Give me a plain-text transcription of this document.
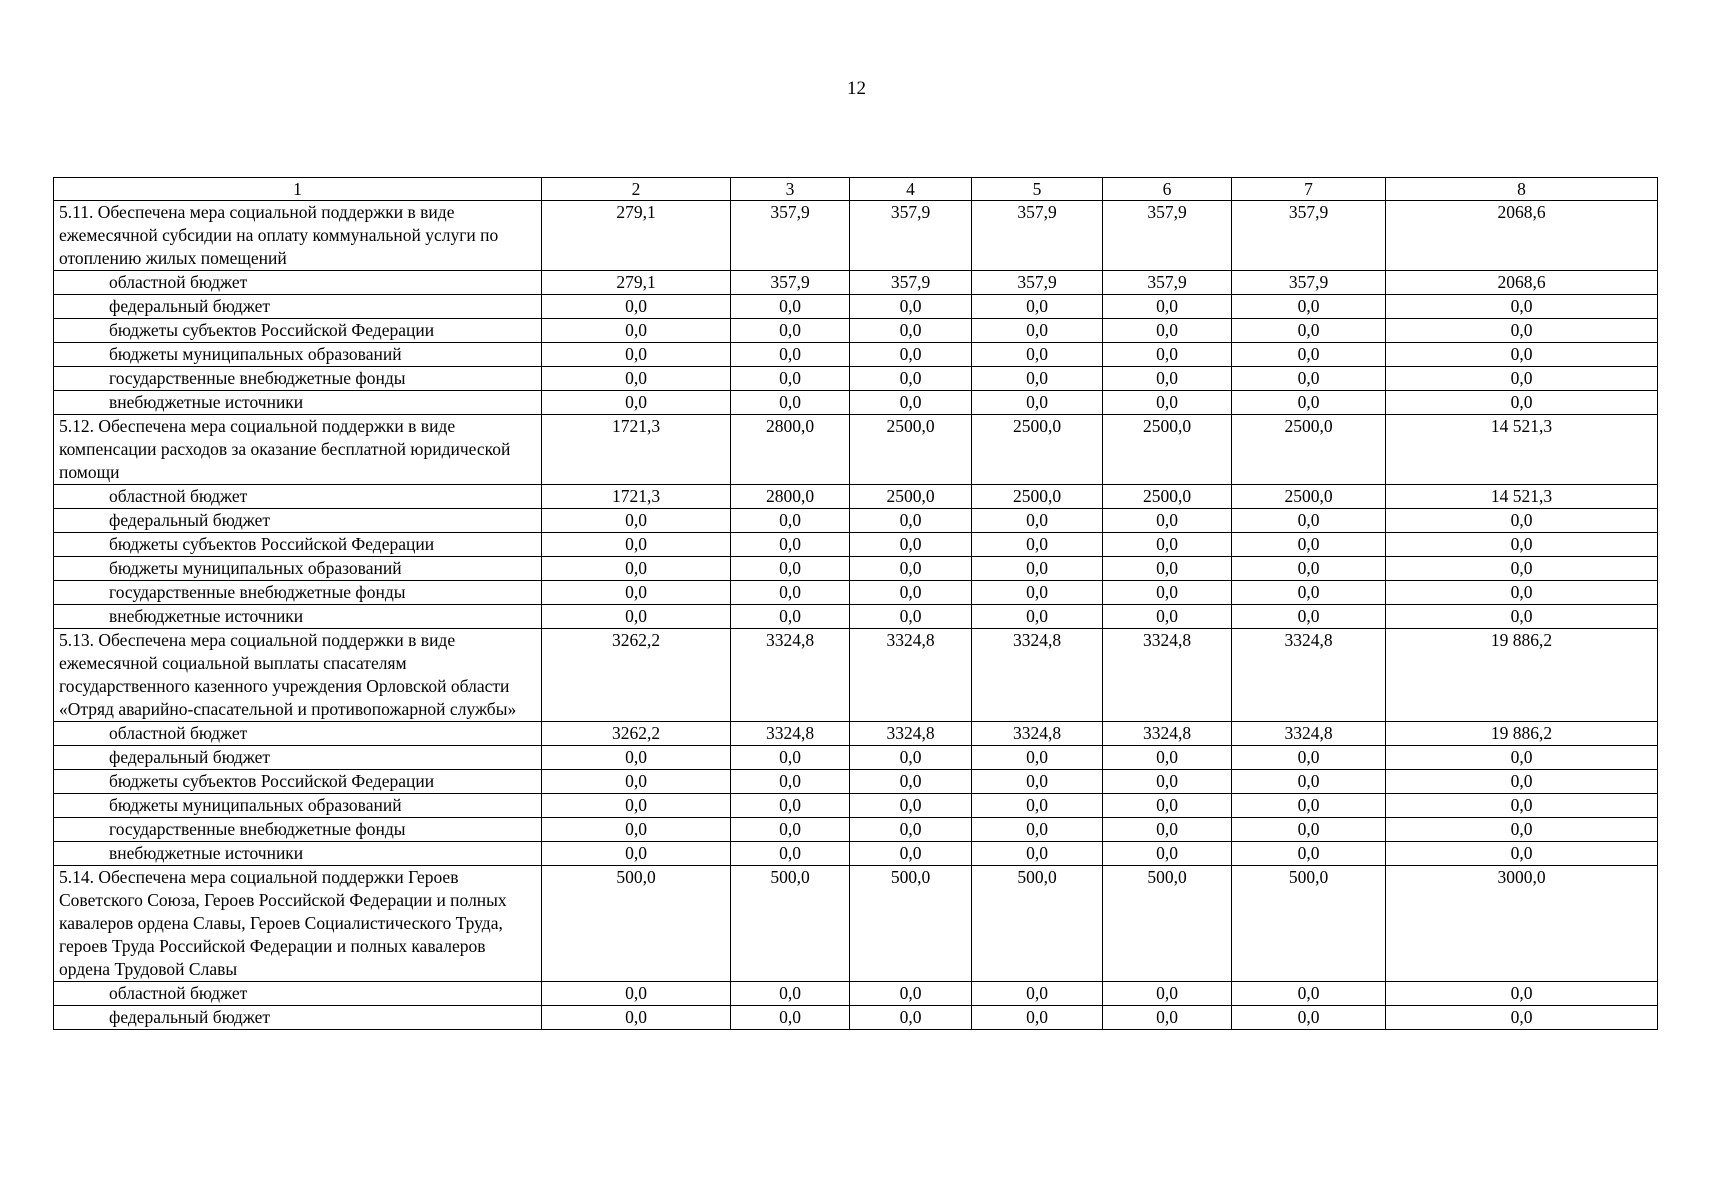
12
1	2	3	4	5	6	7	8
5.11. Обеспечена мера социальной поддержки в виде ежемесячной субсидии на оплату коммунальной услуги по отоплению жилых помещений	279,1	357,9	357,9	357,9	357,9	357,9	2068,6
областной бюджет	279,1	357,9	357,9	357,9	357,9	357,9	2068,6
федеральный бюджет	0,0	0,0	0,0	0,0	0,0	0,0	0,0
бюджеты субъектов Российской Федерации	0,0	0,0	0,0	0,0	0,0	0,0	0,0
бюджеты муниципальных образований	0,0	0,0	0,0	0,0	0,0	0,0	0,0
государственные внебюджетные фонды	0,0	0,0	0,0	0,0	0,0	0,0	0,0
внебюджетные источники	0,0	0,0	0,0	0,0	0,0	0,0	0,0
5.12. Обеспечена мера социальной поддержки в виде компенсации расходов за оказание бесплатной юридической помощи	1721,3	2800,0	2500,0	2500,0	2500,0	2500,0	14 521,3
областной бюджет	1721,3	2800,0	2500,0	2500,0	2500,0	2500,0	14 521,3
федеральный бюджет	0,0	0,0	0,0	0,0	0,0	0,0	0,0
бюджеты субъектов Российской Федерации	0,0	0,0	0,0	0,0	0,0	0,0	0,0
бюджеты муниципальных образований	0,0	0,0	0,0	0,0	0,0	0,0	0,0
государственные внебюджетные фонды	0,0	0,0	0,0	0,0	0,0	0,0	0,0
внебюджетные источники	0,0	0,0	0,0	0,0	0,0	0,0	0,0
5.13. Обеспечена мера социальной поддержки в виде ежемесячной социальной выплаты спасателям государственного казенного учреждения Орловской области «Отряд аварийно-спасательной и противопожарной службы»	3262,2	3324,8	3324,8	3324,8	3324,8	3324,8	19 886,2
областной бюджет	3262,2	3324,8	3324,8	3324,8	3324,8	3324,8	19 886,2
федеральный бюджет	0,0	0,0	0,0	0,0	0,0	0,0	0,0
бюджеты субъектов Российской Федерации	0,0	0,0	0,0	0,0	0,0	0,0	0,0
бюджеты муниципальных образований	0,0	0,0	0,0	0,0	0,0	0,0	0,0
государственные внебюджетные фонды	0,0	0,0	0,0	0,0	0,0	0,0	0,0
внебюджетные источники	0,0	0,0	0,0	0,0	0,0	0,0	0,0
5.14. Обеспечена мера социальной поддержки Героев Советского Союза, Героев Российской Федерации и полных кавалеров ордена Славы, Героев Социалистического Труда, героев Труда Российской Федерации и полных кавалеров ордена Трудовой Славы	500,0	500,0	500,0	500,0	500,0	500,0	3000,0
областной бюджет	0,0	0,0	0,0	0,0	0,0	0,0	0,0
федеральный бюджет	0,0	0,0	0,0	0,0	0,0	0,0	0,0
